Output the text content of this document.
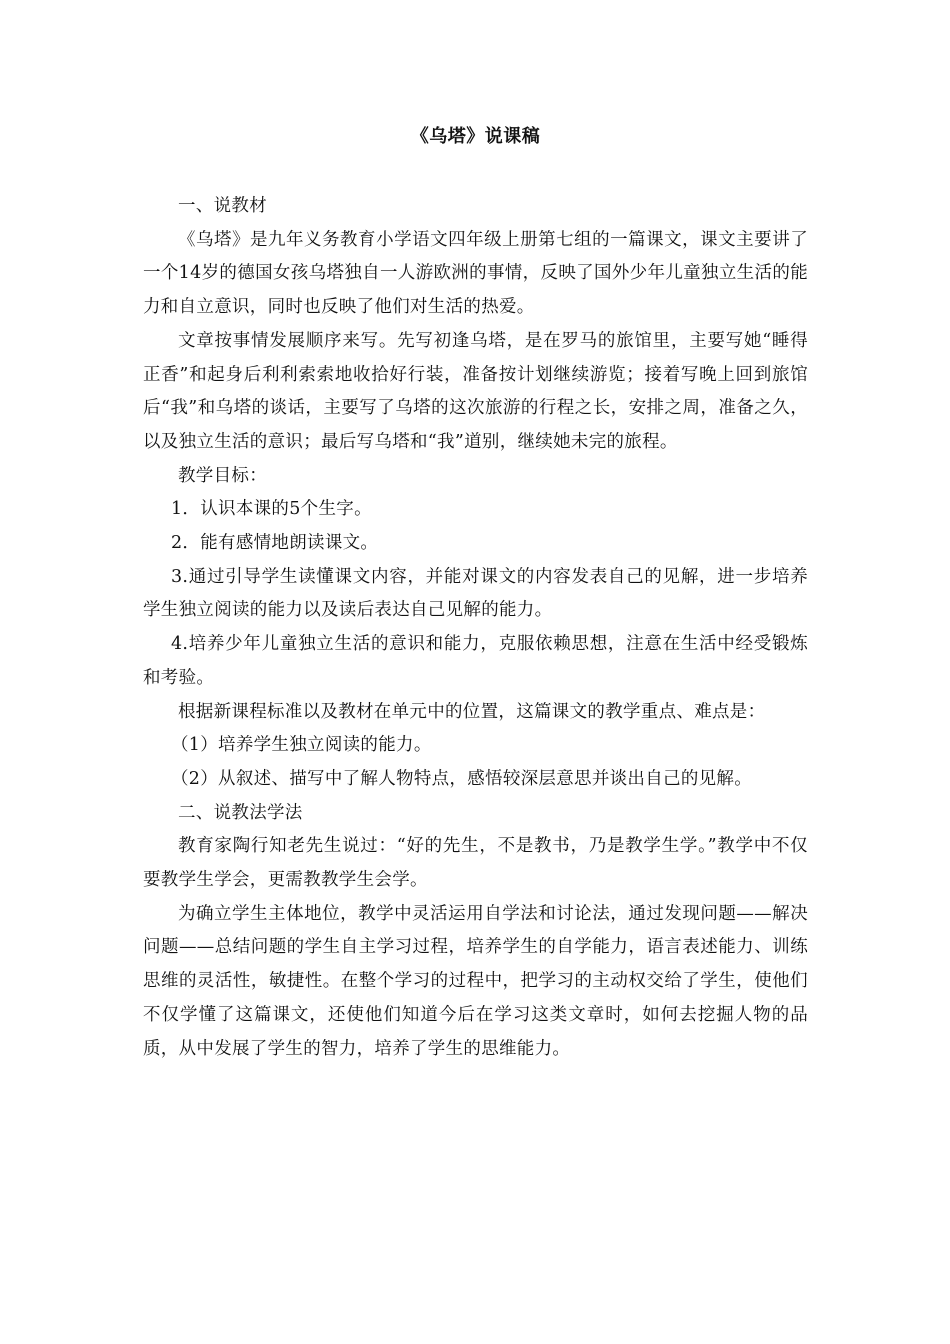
《乌塔》说课稿

一、说教材

《乌塔》是九年义务教育小学语文四年级上册第七组的一篇课文，课文主要讲了一个14岁的德国女孩乌塔独自一人游欧洲的事情，反映了国外少年儿童独立生活的能力和自立意识，同时也反映了他们对生活的热爱。

文章按事情发展顺序来写。先写初逢乌塔，是在罗马的旅馆里，主要写她“睡得正香”和起身后利利索索地收拾好行装，准备按计划继续游览；接着写晚上回到旅馆后“我”和乌塔的谈话，主要写了乌塔的这次旅游的行程之长，安排之周，准备之久，以及独立生活的意识；最后写乌塔和“我”道别，继续她未完的旅程。

教学目标：

1．认识本课的5个生字。

2．能有感情地朗读课文。

3.通过引导学生读懂课文内容，并能对课文的内容发表自己的见解，进一步培养学生独立阅读的能力以及读后表达自己见解的能力。

4.培养少年儿童独立生活的意识和能力，克服依赖思想，注意在生活中经受锻炼和考验。

根据新课程标准以及教材在单元中的位置，这篇课文的教学重点、难点是：

（1）培养学生独立阅读的能力。

（2）从叙述、描写中了解人物特点，感悟较深层意思并谈出自己的见解。

二、说教法学法

教育家陶行知老先生说过：“好的先生，不是教书，乃是教学生学。”教学中不仅要教学生学会，更需教教学生会学。

为确立学生主体地位，教学中灵活运用自学法和讨论法，通过发现问题——解决问题——总结问题的学生自主学习过程，培养学生的自学能力，语言表述能力、训练思维的灵活性，敏捷性。在整个学习的过程中，把学习的主动权交给了学生，使他们不仅学懂了这篇课文，还使他们知道今后在学习这类文章时，如何去挖掘人物的品质，从中发展了学生的智力，培养了学生的思维能力。
